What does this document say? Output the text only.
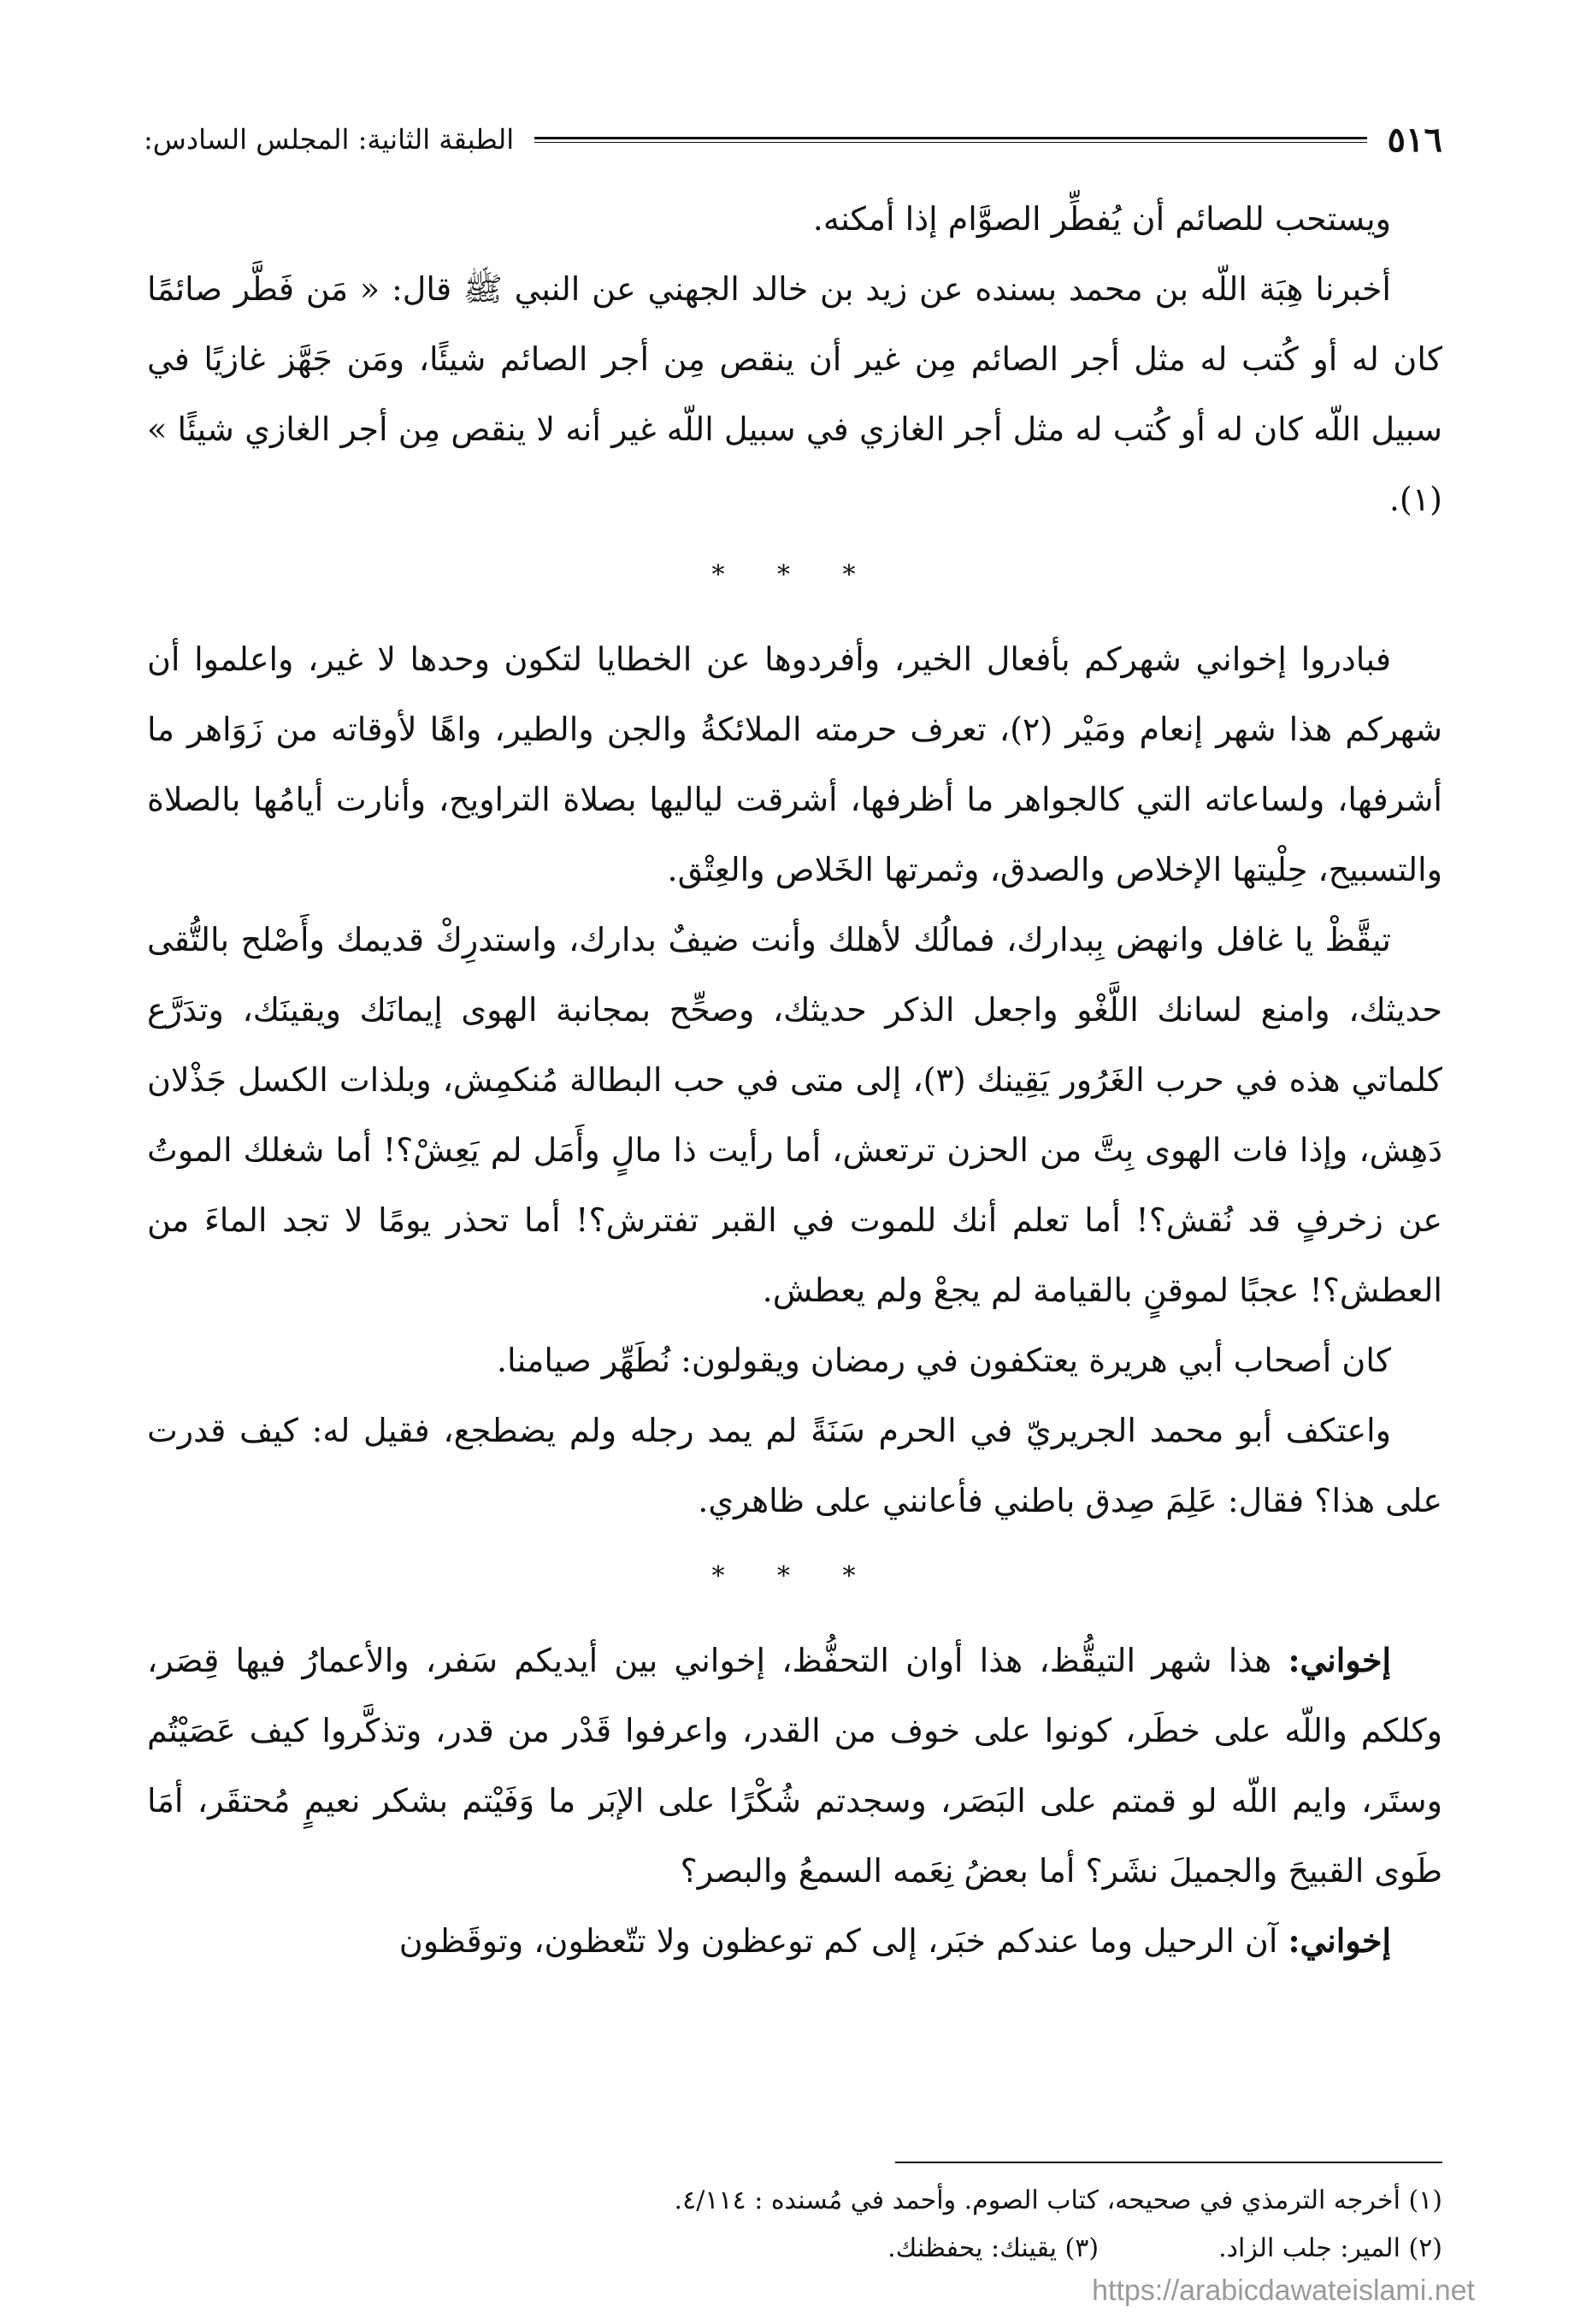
٥١٦
الطبقة الثانية: المجلس السادس:

ويستحب للصائم أن يُفطِّر الصوَّام إذا أمكنه.

أخبرنا هِبَة اللّه بن محمد بسنده عن زيد بن خالد الجهني عن النبي ﷺ قال: « مَن فَطَّر صائمًا كان له أو كُتب له مثل أجر الصائم مِن غير أن ينقص مِن أجر الصائم شيئًا، ومَن جَهَّز غازيًا في سبيل اللّه كان له أو كُتب له مثل أجر الغازي في سبيل اللّه غير أنه لا ينقص مِن أجر الغازي شيئًا » (١).

* * *

فبادروا إخواني شهركم بأفعال الخير، وأفردوها عن الخطايا لتكون وحدها لا غير، واعلموا أن شهركم هذا شهر إنعام ومَيْر (٢)، تعرف حرمته الملائكةُ والجن والطير، واهًا لأوقاته من زَوَاهر ما أشرفها، ولساعاته التي كالجواهر ما أظرفها، أشرقت لياليها بصلاة التراويح، وأنارت أيامُها بالصلاة والتسبيح، حِلْيتها الإخلاص والصدق، وثمرتها الخَلاص والعِتْق.

تيقَّظْ يا غافل وانهض بِبدارك، فمالُك لأهلك وأنت ضيفٌ بدارك، واستدرِكْ قديمك وأَصْلح بالتُّقى حديثك، وامنع لسانك اللَّغْو واجعل الذكر حديثك، وصحِّح بمجانبة الهوى إيمانَك ويقينَك، وتدَرَّع كلماتي هذه في حرب الغَرُور يَقِينك (٣)، إلى متى في حب البطالة مُنكمِش، وبلذات الكسل جَذْلان دَهِش، وإذا فات الهوى بِتَّ من الحزن ترتعش، أما رأيت ذا مالٍ وأَمَل لم يَعِشْ؟! أما شغلك الموتُ عن زخرفٍ قد نُقش؟! أما تعلم أنك للموت في القبر تفترش؟! أما تحذر يومًا لا تجد الماءَ من العطش؟! عجبًا لموقنٍ بالقيامة لم يجعْ ولم يعطش.

كان أصحاب أبي هريرة يعتكفون في رمضان ويقولون: نُطَهِّر صيامنا.

واعتكف أبو محمد الجريريّ في الحرم سَنَةً لم يمد رجله ولم يضطجع، فقيل له: كيف قدرت على هذا؟ فقال: عَلِمَ صِدق باطني فأعانني على ظاهري.

* * *

إخواني: هذا شهر التيقُّظ، هذا أوان التحفُّظ، إخواني بين أيديكم سَفر، والأعمارُ فيها قِصَر، وكلكم واللّه على خطَر، كونوا على خوف من القدر، واعرفوا قَدْر من قدر، وتذكَّروا كيف عَصَيْتُم وستَر، وايم اللّه لو قمتم على البَصَر، وسجدتم شُكْرًا على الإبَر ما وَفَيْتم بشكر نعيمٍ مُحتقَر، أمَا طَوى القبيحَ والجميلَ نشَر؟ أما بعضُ نِعَمه السمعُ والبصر؟

إخواني: آن الرحيل وما عندكم خبَر، إلى كم توعظون ولا تتّعظون، وتوقَظون

(١) أخرجه الترمذي في صحيحه، كتاب الصوم. وأحمد في مُسنده : ٤/١١٤.
(٢) المير: جلب الزاد.
(٣) يقينك: يحفظنك.
https://arabicdawateislami.net
